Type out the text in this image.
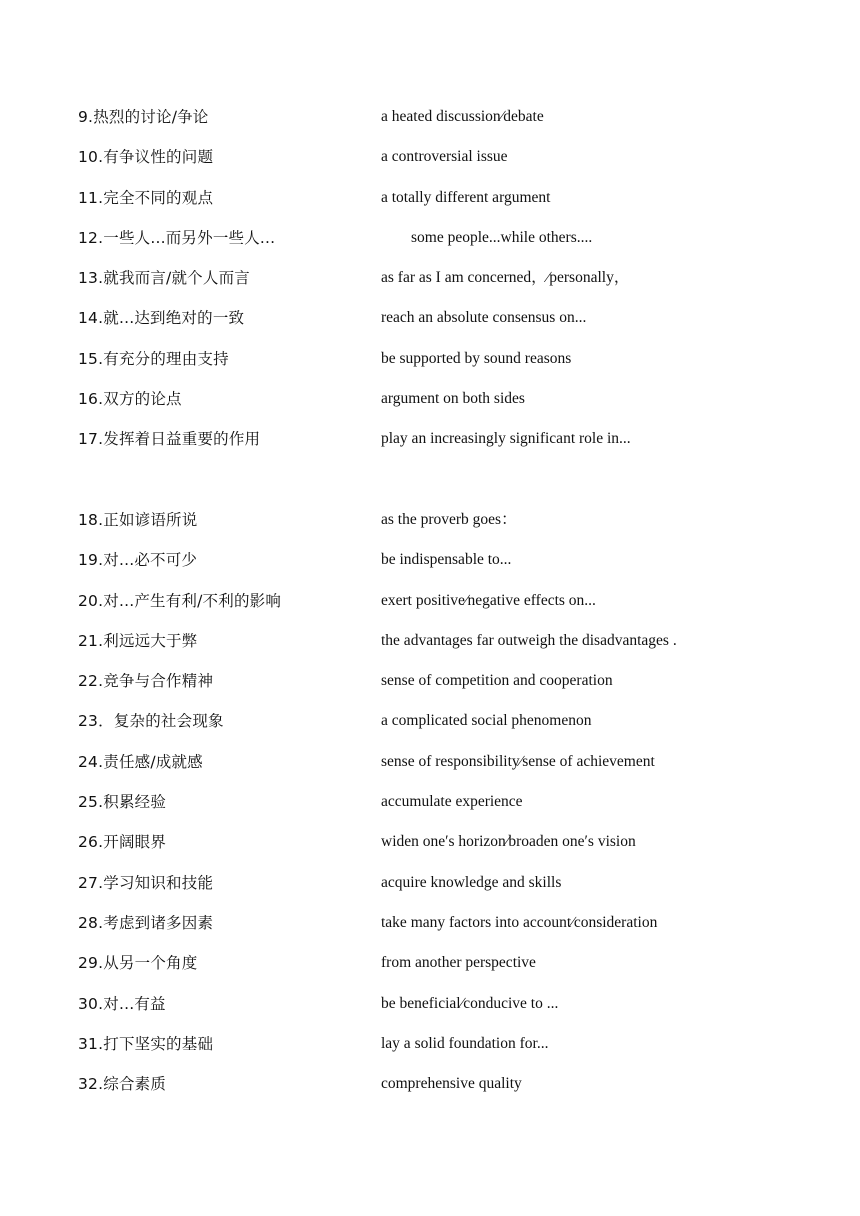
9.热烈的讨论∕争论	a heated discussion∕debate
10.有争议性的问题	a controversial issue
11.完全不同的观点	a totally different argument
12.一些人...而另外一些人...	some people...while others....
13.就我而言∕就个人而言	as far as I am concerned，∕personally，
14.就...达到绝对的一致	reach an absolute consensus on...
15.有充分的理由支持	be supported by sound reasons
16.双方的论点	argument on both sides
17.发挥着日益重要的作用	play an increasingly significant role in...
18.正如谚语所说	as the proverb goes：
19.对...必不可少	be indispensable to...
20.对...产生有利∕不利的影响	exert positive∕negative effects on...
21.利远远大于弊	the advantages far outweigh the disadvantages .
22.竞争与合作精神	sense of competition and cooperation
23．复杂的社会现象	a complicated social phenomenon
24.责任感∕成就感	sense of responsibility∕sense of achievement
25.积累经验	accumulate experience
26.开阔眼界	widen one′s horizon∕broaden one′s vision
27.学习知识和技能	acquire knowledge and skills
28.考虑到诸多因素	take many factors into account∕consideration
29.从另一个角度	from another perspective
30.对...有益	be beneficial∕conducive to ...
31.打下坚实的基础	lay a solid foundation for...
32.综合素质	comprehensive quality
